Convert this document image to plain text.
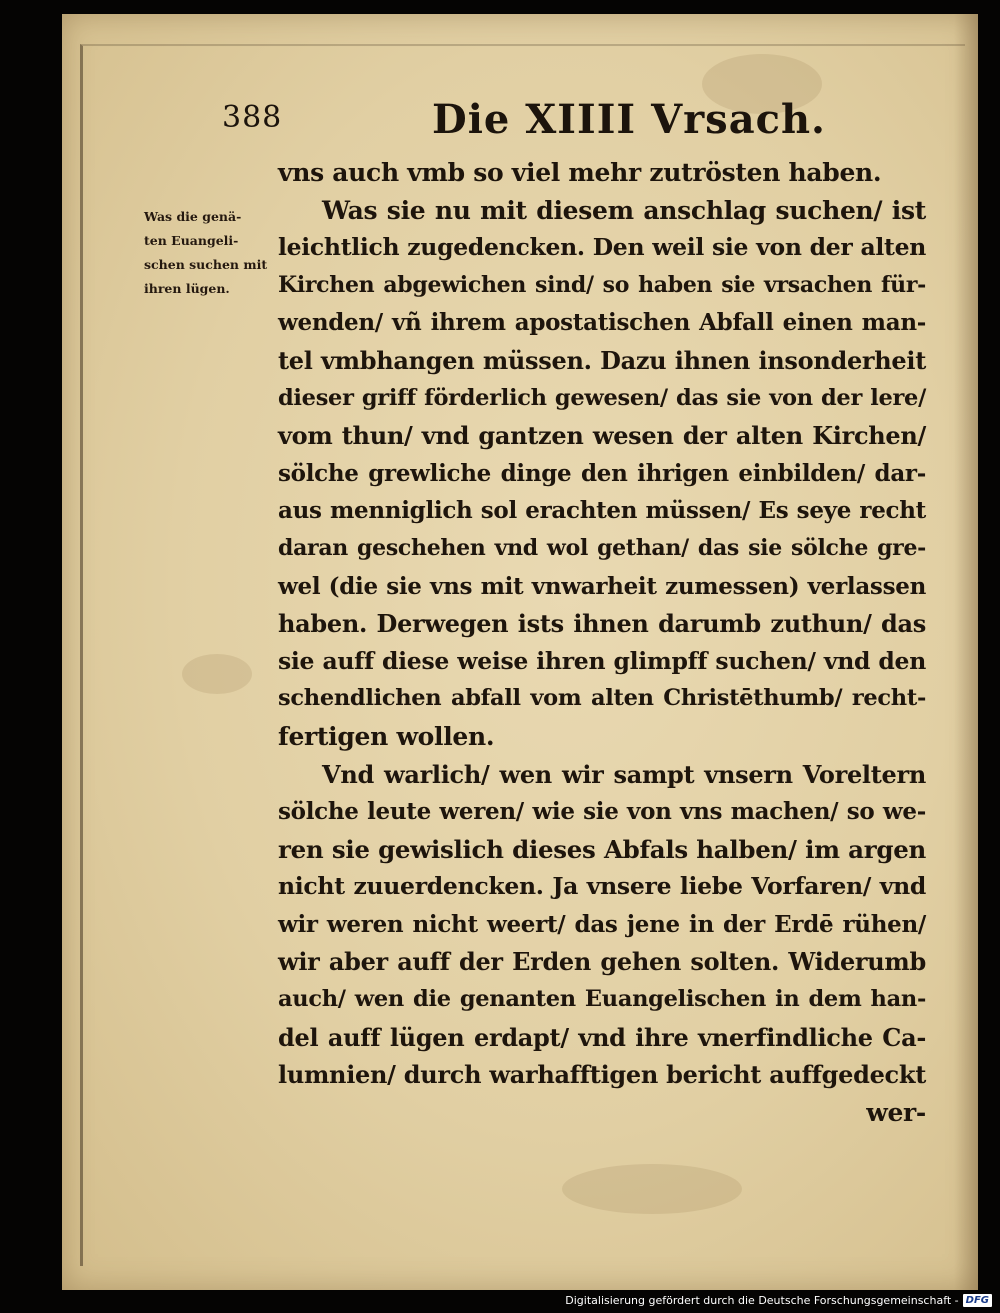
388	Die XIIII Vrsach.
Was die genä-
ten Euangeli-
schen suchen mit
ihren lügen.
vns auch vmb so viel mehr zutrösten haben.
Was sie nu mit diesem anschlag suchen/ ist
leichtlich zugedencken. Den weil sie von der alten
Kirchen abgewichen sind/ so haben sie vrsachen für-
wenden/ vñ ihrem apostatischen Abfall einen man-
tel vmbhangen müssen. Dazu ihnen insonderheit
dieser griff förderlich gewesen/ das sie von der lere/
vom thun/ vnd gantzen wesen der alten Kirchen/
sölche grewliche dinge den ihrigen einbilden/ dar-
aus menniglich sol erachten müssen/ Es seye recht
daran geschehen vnd wol gethan/ das sie sölche gre-
wel (die sie vns mit vnwarheit zumessen) verlassen
haben. Derwegen ists ihnen darumb zuthun/ das
sie auff diese weise ihren glimpff suchen/ vnd den
schendlichen abfall vom alten Christēthumb/ recht-
fertigen wollen.
Vnd warlich/ wen wir sampt vnsern Voreltern
sölche leute weren/ wie sie von vns machen/ so we-
ren sie gewislich dieses Abfals halben/ im argen
nicht zuuerdencken. Ja vnsere liebe Vorfaren/ vnd
wir weren nicht weert/ das jene in der Erdē rühen/
wir aber auff der Erden gehen solten. Widerumb
auch/ wen die genanten Euangelischen in dem han-
del auff lügen erdapt/ vnd ihre vnerfindliche Ca-
lumnien/ durch warhafftigen bericht auffgedeckt
wer-
Digitalisierung gefördert durch die Deutsche Forschungsgemeinschaft - DFG
